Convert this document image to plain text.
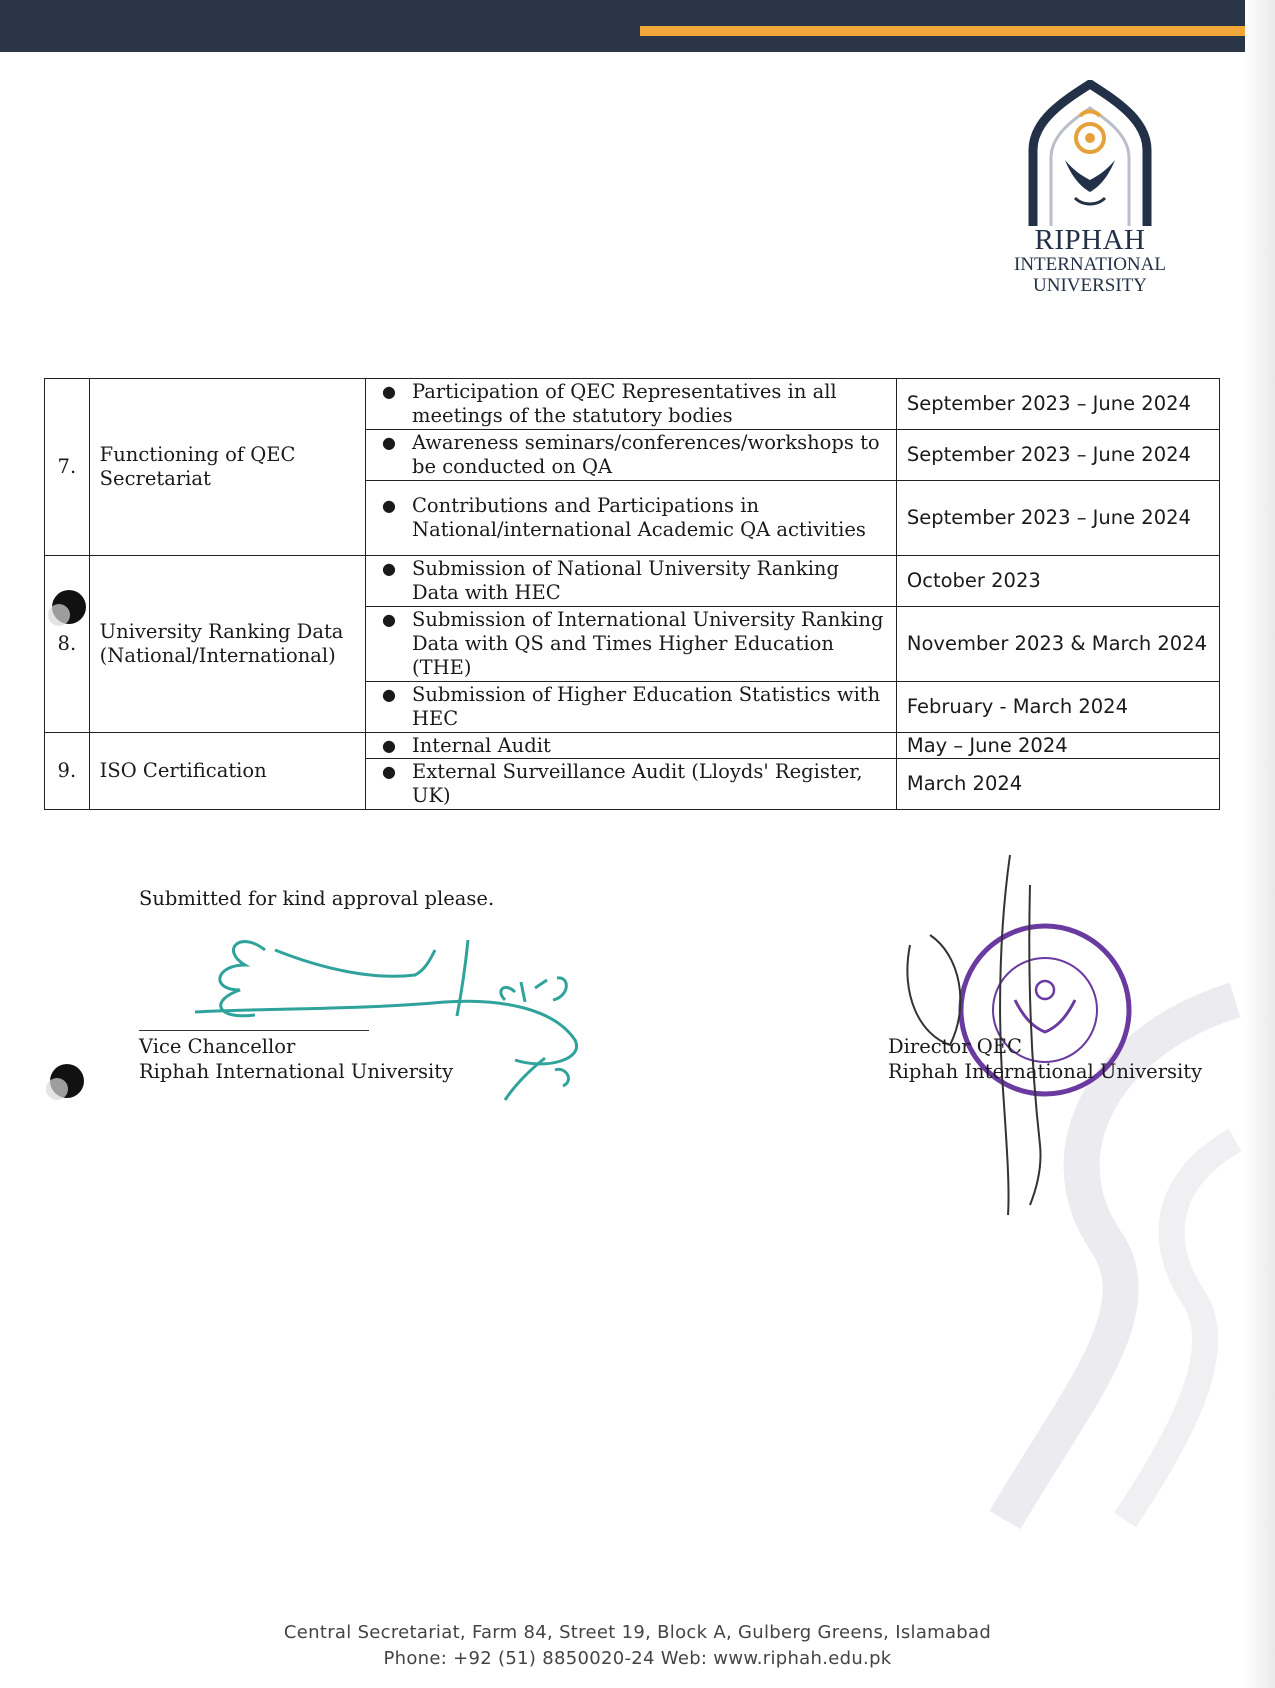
RIPHAH
INTERNATIONAL
UNIVERSITY
7.	Functioning of QEC Secretariat	● Participation of QEC Representatives in all meetings of the statutory bodies	September 2023 – June 2024

		● Awareness seminars/conferences/workshops to be conducted on QA	September 2023 – June 2024

		● Contributions and Participations in National/international Academic QA activities	September 2023 – June 2024
8.	University Ranking Data (National/International)	● Submission of National University Ranking Data with HEC	October 2023

		● Submission of International University Ranking Data with QS and Times Higher Education (THE)	November 2023 & March 2024

		● Submission of Higher Education Statistics with HEC	February - March 2024
9.	ISO Certification	● Internal Audit	May – June 2024

		● External Surveillance Audit (Lloyds' Register, UK)	March 2024
Submitted for kind approval please.
Vice Chancellor
Riphah International University
Director QEC
Riphah International University
Central Secretariat, Farm 84, Street 19, Block A, Gulberg Greens, Islamabad
Phone: +92 (51) 8850020-24 Web: www.riphah.edu.pk
